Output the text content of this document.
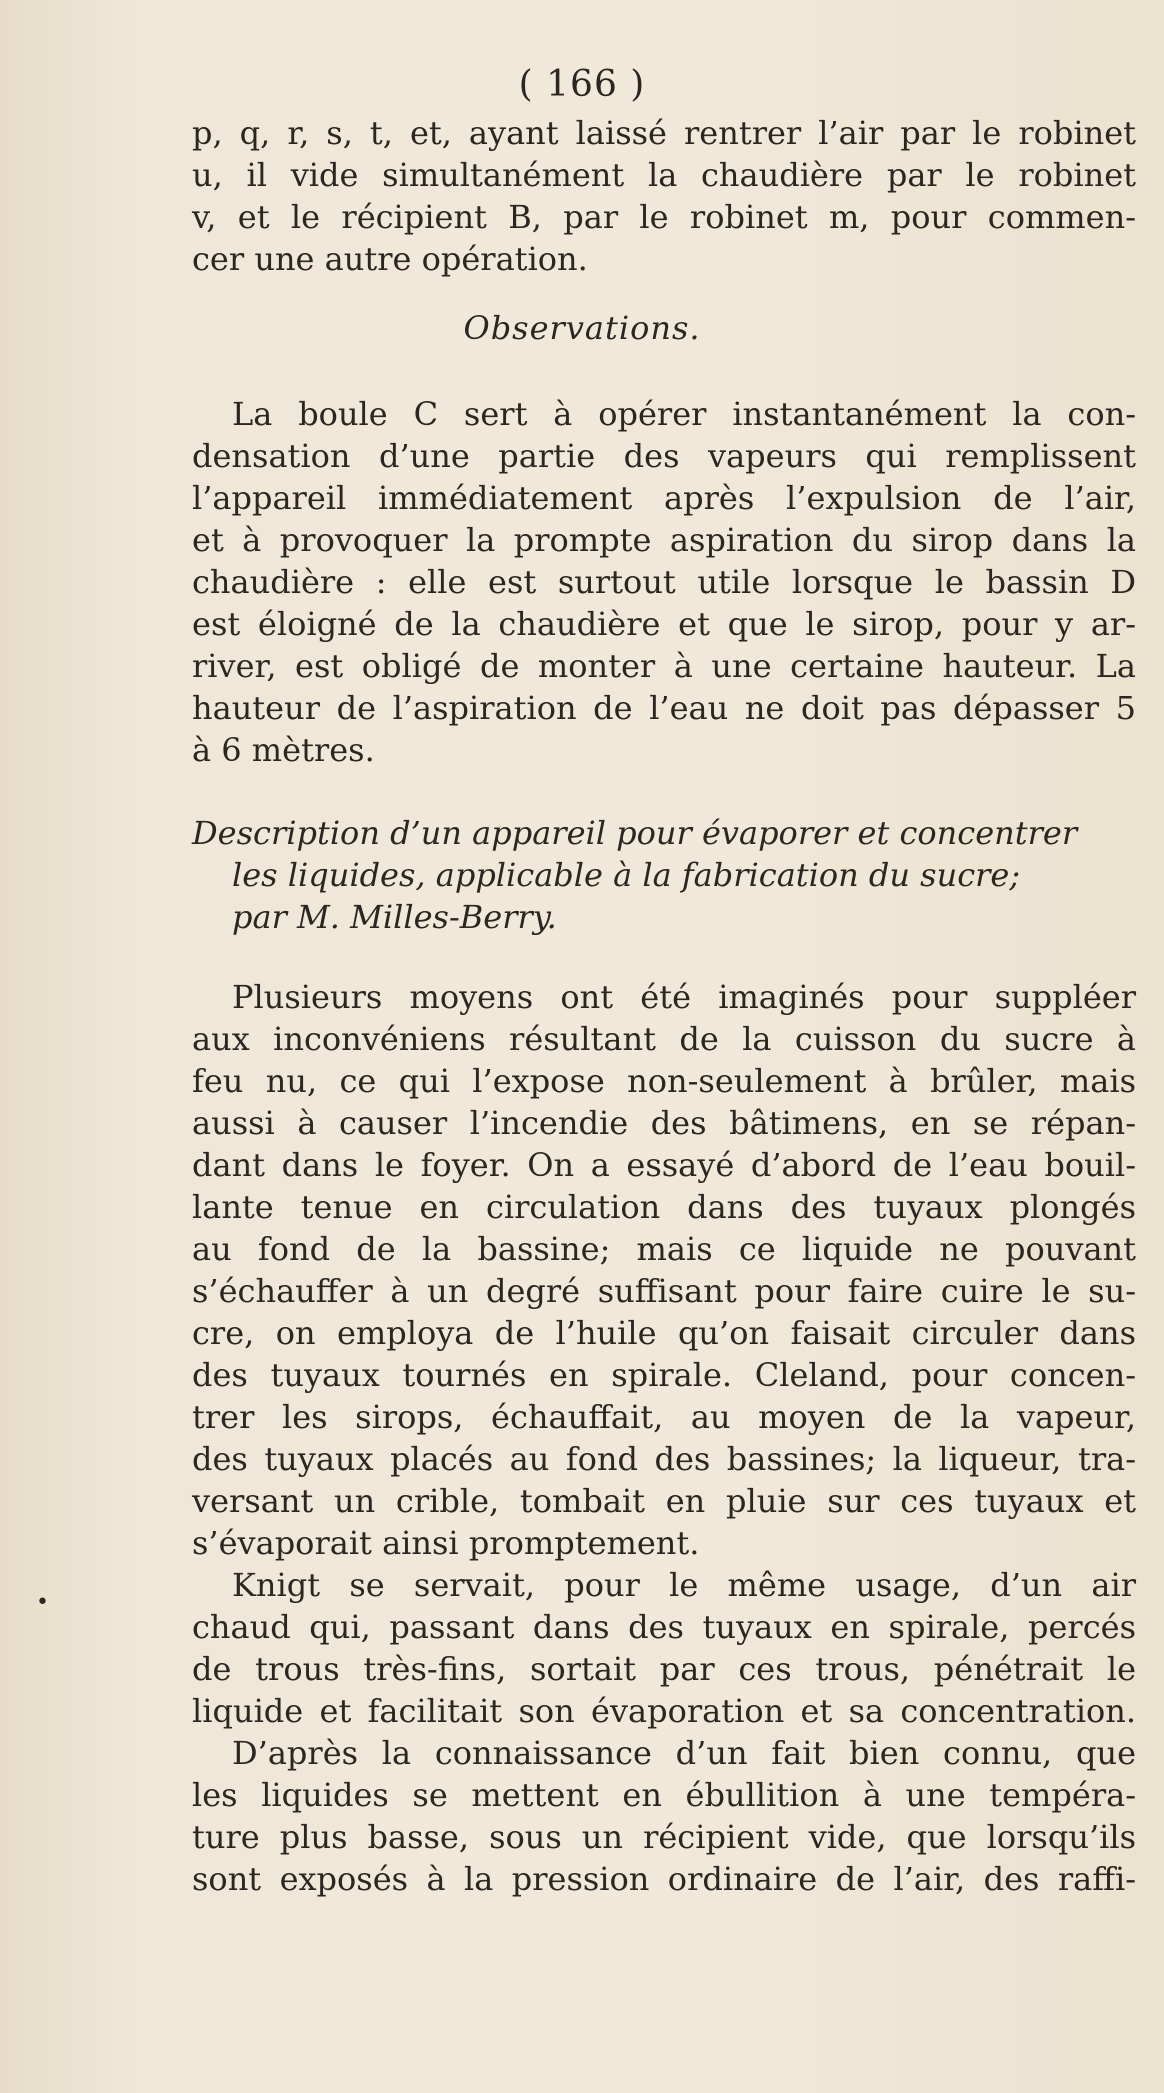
( 166 )
p, q, r, s, t, et, ayant laissé rentrer l’air par le robinet
u, il vide simultanément la chaudière par le robinet
v, et le récipient B, par le robinet m, pour commen-
cer une autre opération.
Observations.
La boule C sert à opérer instantanément la con-
densation d’une partie des vapeurs qui remplissent
l’appareil immédiatement après l’expulsion de l’air,
et à provoquer la prompte aspiration du sirop dans la
chaudière : elle est surtout utile lorsque le bassin D
est éloigné de la chaudière et que le sirop, pour y ar-
river, est obligé de monter à une certaine hauteur. La
hauteur de l’aspiration de l’eau ne doit pas dépasser 5
à 6 mètres.
Description d’un appareil pour évaporer et concentrer
les liquides, applicable à la fabrication du sucre;
par M. Milles-Berry.
Plusieurs moyens ont été imaginés pour suppléer
aux inconvéniens résultant de la cuisson du sucre à
feu nu, ce qui l’expose non-seulement à brûler, mais
aussi à causer l’incendie des bâtimens, en se répan-
dant dans le foyer. On a essayé d’abord de l’eau bouil-
lante tenue en circulation dans des tuyaux plongés
au fond de la bassine; mais ce liquide ne pouvant
s’échauffer à un degré suffisant pour faire cuire le su-
cre, on employa de l’huile qu’on faisait circuler dans
des tuyaux tournés en spirale. Cleland, pour concen-
trer les sirops, échauffait, au moyen de la vapeur,
des tuyaux placés au fond des bassines; la liqueur, tra-
versant un crible, tombait en pluie sur ces tuyaux et
s’évaporait ainsi promptement.
Knigt se servait, pour le même usage, d’un air
chaud qui, passant dans des tuyaux en spirale, percés
de trous très-fins, sortait par ces trous, pénétrait le
liquide et facilitait son évaporation et sa concentration.
D’après la connaissance d’un fait bien connu, que
les liquides se mettent en ébullition à une tempéra-
ture plus basse, sous un récipient vide, que lorsqu’ils
sont exposés à la pression ordinaire de l’air, des raffi-
•
